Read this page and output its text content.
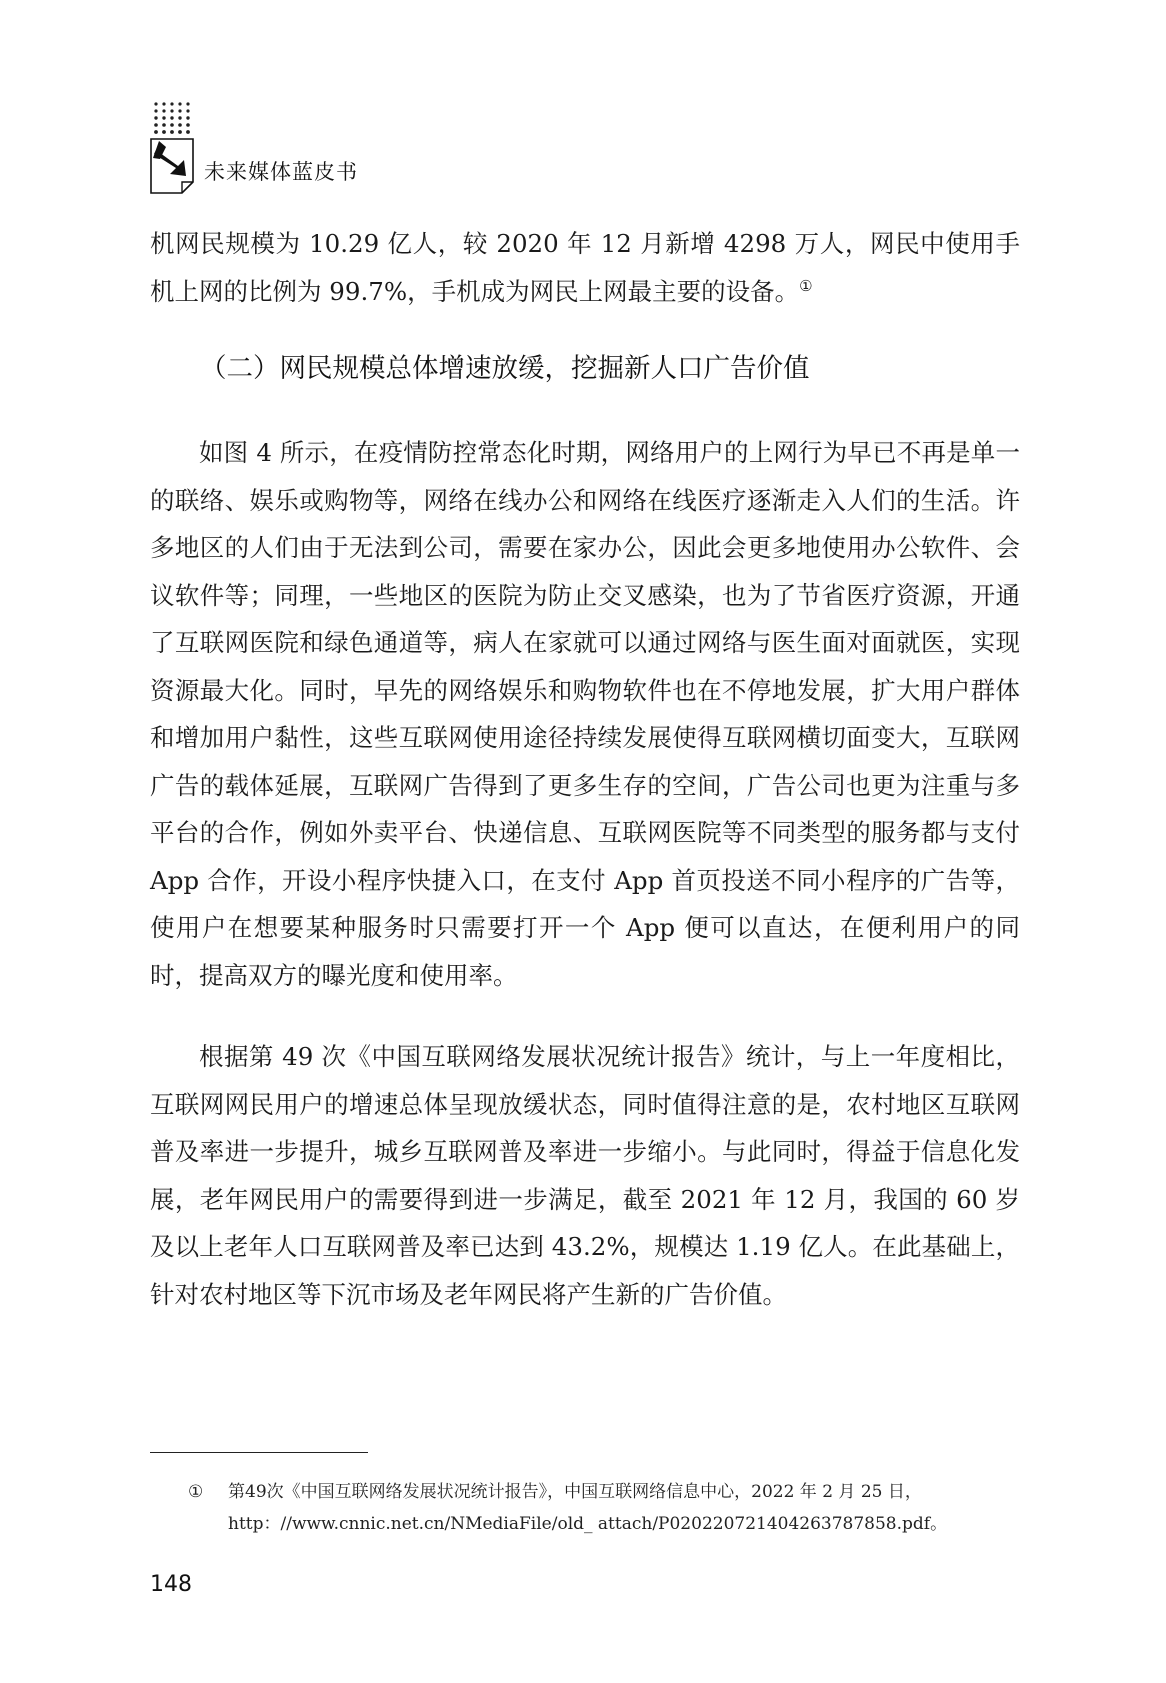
未来媒体蓝皮书

机网民规模为 10.29 亿人，较 2020 年 12 月新增 4298 万人，网民中使用手机上网的比例为 99.7%，手机成为网民上网最主要的设备。①

（二）网民规模总体增速放缓，挖掘新人口广告价值

如图 4 所示，在疫情防控常态化时期，网络用户的上网行为早已不再是单一的联络、娱乐或购物等，网络在线办公和网络在线医疗逐渐走入人们的生活。许多地区的人们由于无法到公司，需要在家办公，因此会更多地使用办公软件、会议软件等；同理，一些地区的医院为防止交叉感染，也为了节省医疗资源，开通了互联网医院和绿色通道等，病人在家就可以通过网络与医生面对面就医，实现资源最大化。同时，早先的网络娱乐和购物软件也在不停地发展，扩大用户群体和增加用户黏性，这些互联网使用途径持续发展使得互联网横切面变大，互联网广告的载体延展，互联网广告得到了更多生存的空间，广告公司也更为注重与多平台的合作，例如外卖平台、快递信息、互联网医院等不同类型的服务都与支付 App 合作，开设小程序快捷入口，在支付 App 首页投送不同小程序的广告等，使用户在想要某种服务时只需要打开一个 App 便可以直达，在便利用户的同时，提高双方的曝光度和使用率。

根据第 49 次《中国互联网络发展状况统计报告》统计，与上一年度相比，互联网网民用户的增速总体呈现放缓状态，同时值得注意的是，农村地区互联网普及率进一步提升，城乡互联网普及率进一步缩小。与此同时，得益于信息化发展，老年网民用户的需要得到进一步满足，截至 2021 年 12 月，我国的 60 岁及以上老年人口互联网普及率已达到 43.2%，规模达 1.19 亿人。在此基础上，针对农村地区等下沉市场及老年网民将产生新的广告价值。

①	第49次《中国互联网络发展状况统计报告》，中国互联网络信息中心，2022 年 2 月 25 日，
http：//www.cnnic.net.cn/NMediaFile/old_ attach/P020220721404263787858.pdf。
148
